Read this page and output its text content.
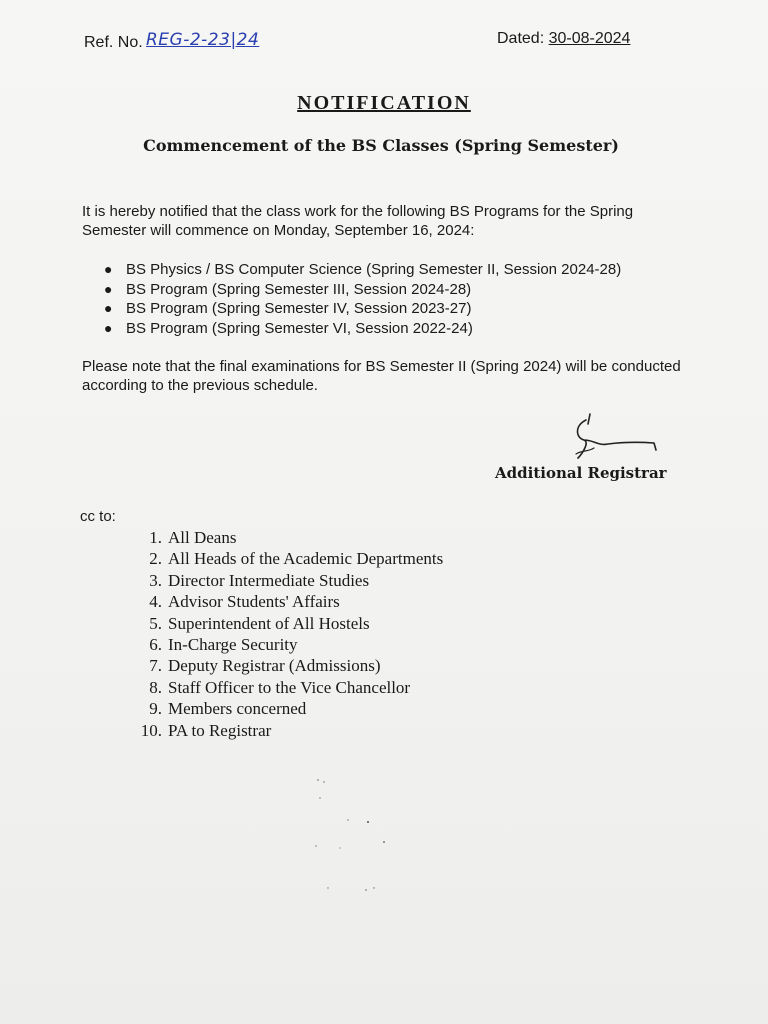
Ref. No. REG-2-23|24	Dated: 30-08-2024
NOTIFICATION
Commencement of the BS Classes (Spring Semester)

It is hereby notified that the class work for the following BS Programs for the Spring Semester will commence on Monday, September 16, 2024:

● BS Physics / BS Computer Science (Spring Semester II, Session 2024-28)
● BS Program (Spring Semester III, Session 2024-28)
● BS Program (Spring Semester IV, Session 2023-27)
● BS Program (Spring Semester VI, Session 2022-24)

Please note that the final examinations for BS Semester II (Spring 2024) will be conducted according to the previous schedule.

Additional Registrar
cc to:
1. All Deans
2. All Heads of the Academic Departments
3. Director Intermediate Studies
4. Advisor Students' Affairs
5. Superintendent of All Hostels
6. In-Charge Security
7. Deputy Registrar (Admissions)
8. Staff Officer to the Vice Chancellor
9. Members concerned
10. PA to Registrar
